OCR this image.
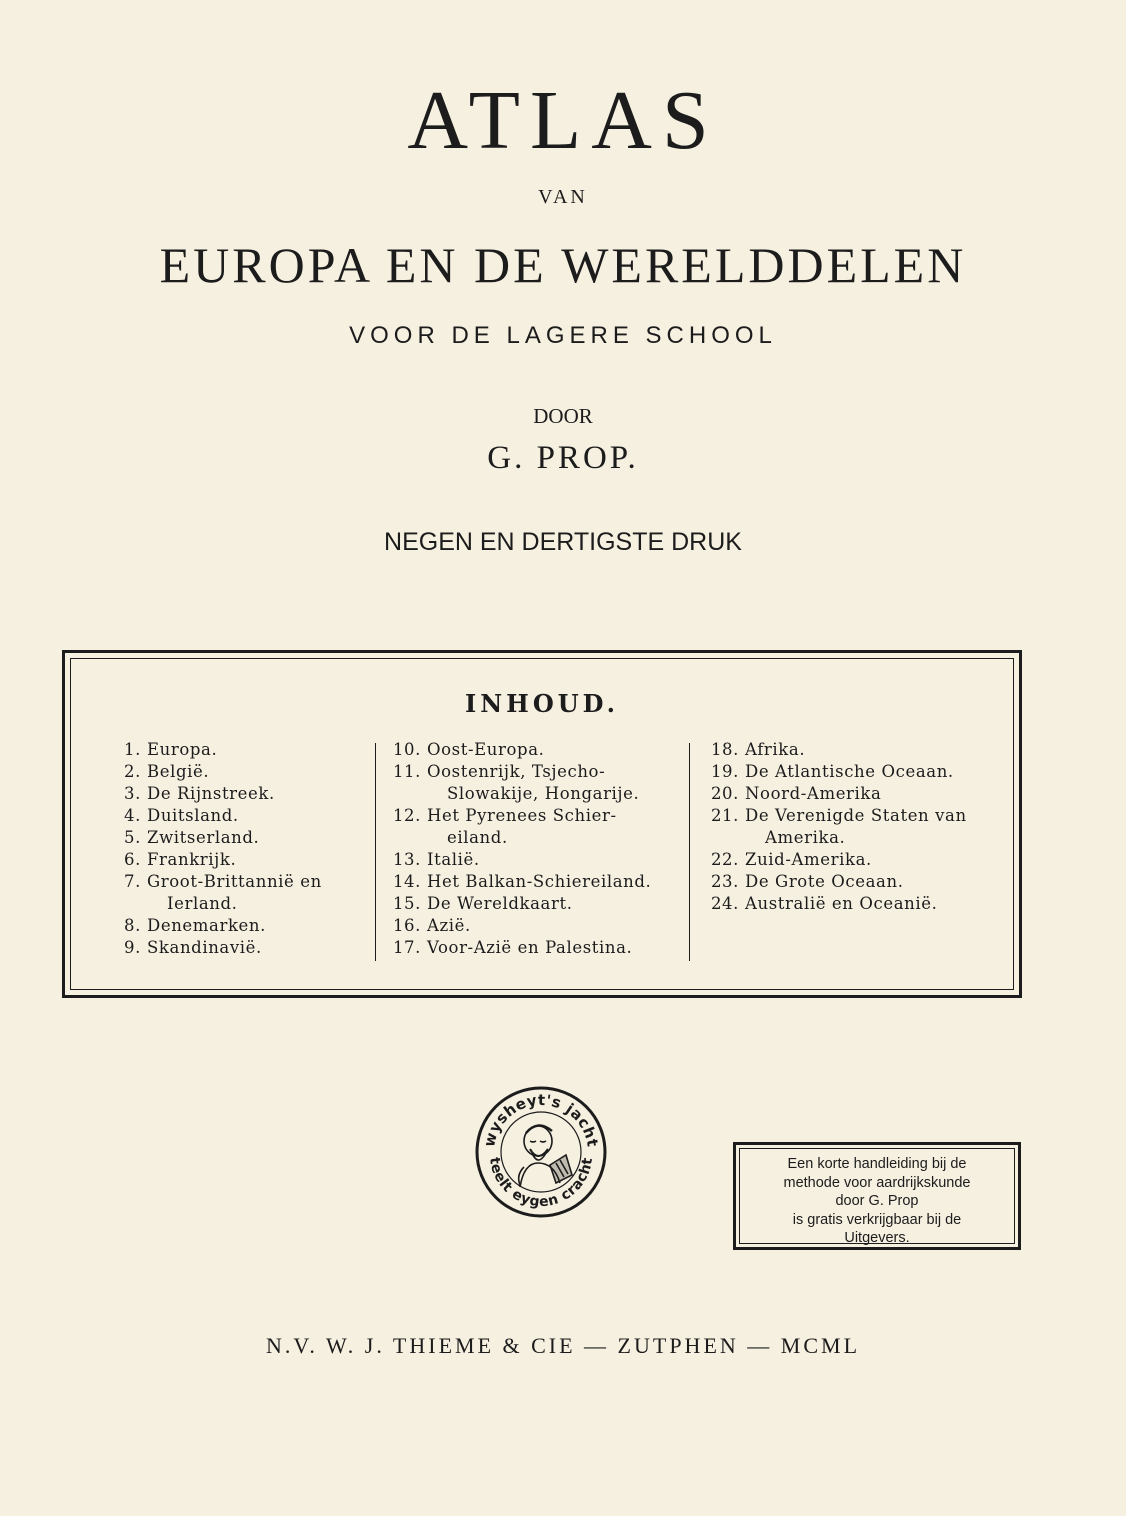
ATLAS
VAN
EUROPA EN DE WERELDDELEN
VOOR DE LAGERE SCHOOL
DOOR
G. PROP.
NEGEN EN DERTIGSTE DRUK
INHOUD.
1. Europa.
2. België.
3. De Rijnstreek.
4. Duitsland.
5. Zwitserland.
6. Frankrijk.
7. Groot-Brittannië en
Ierland.
8. Denemarken.
9. Skandinavië.
10. Oost-Europa.
11. Oostenrijk, Tsjecho-
Slowakije, Hongarije.
12. Het Pyrenees Schier-
eiland.
13. Italië.
14. Het Balkan-Schiereiland.
15. De Wereldkaart.
16. Azië.
17. Voor-Azië en Palestina.
18. Afrika.
19. De Atlantische Oceaan.
20. Noord-Amerika
21. De Verenigde Staten van
Amerika.
22. Zuid-Amerika.
23. De Grote Oceaan.
24. Australië en Oceanië.
wysheyt's jacht
teelt eygen cracht	Een korte handleiding bij de
methode voor aardrijkskunde
door G. Prop
is gratis verkrijgbaar bij de
Uitgevers.
N.V. W. J. THIEME & CIE — ZUTPHEN — MCML
